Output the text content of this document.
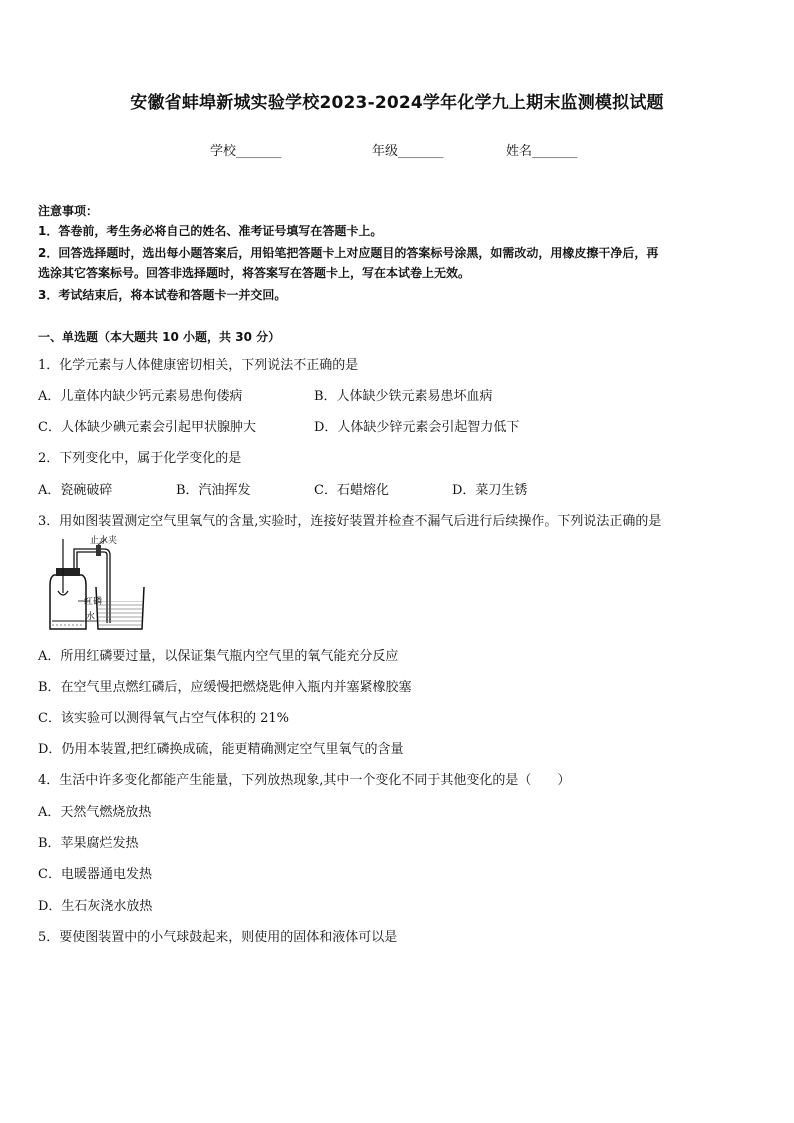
安徽省蚌埠新城实验学校2023-2024学年化学九上期末监测模拟试题
学校_______	年级_______	姓名_______
注意事项：
1．答卷前，考生务必将自己的姓名、准考证号填写在答题卡上。
2．回答选择题时，选出每小题答案后，用铅笔把答题卡上对应题目的答案标号涂黑，如需改动，用橡皮擦干净后，再
选涂其它答案标号。回答非选择题时，将答案写在答题卡上，写在本试卷上无效。
3．考试结束后，将本试卷和答题卡一并交回。
一、单选题（本大题共 10 小题，共 30 分）
1．化学元素与人体健康密切相关，下列说法不正确的是
A．儿童体内缺少钙元素易患佝偻病	B．人体缺少铁元素易患坏血病
C．人体缺少碘元素会引起甲状腺肿大	D．人体缺少锌元素会引起智力低下
2．下列变化中，属于化学变化的是
A．瓷碗破碎	B．汽油挥发	C．石蜡熔化	D．菜刀生锈
3．用如图装置测定空气里氧气的含量,实验时，连接好装置并检查不漏气后进行后续操作。下列说法正确的是
止水夹
红磷
水
A．所用红磷要过量，以保证集气瓶内空气里的氧气能充分反应
B．在空气里点燃红磷后，应缓慢把燃烧匙伸入瓶内并塞紧橡胶塞
C．该实验可以测得氧气占空气体积的 21%
D．仍用本装置,把红磷换成硫，能更精确测定空气里氧气的含量
4．生活中许多变化都能产生能量，下列放热现象,其中一个变化不同于其他变化的是（　　）
A．天然气燃烧放热
B．苹果腐烂发热
C．电暖器通电发热
D．生石灰浇水放热
5．要使图装置中的小气球鼓起来，则使用的固体和液体可以是
